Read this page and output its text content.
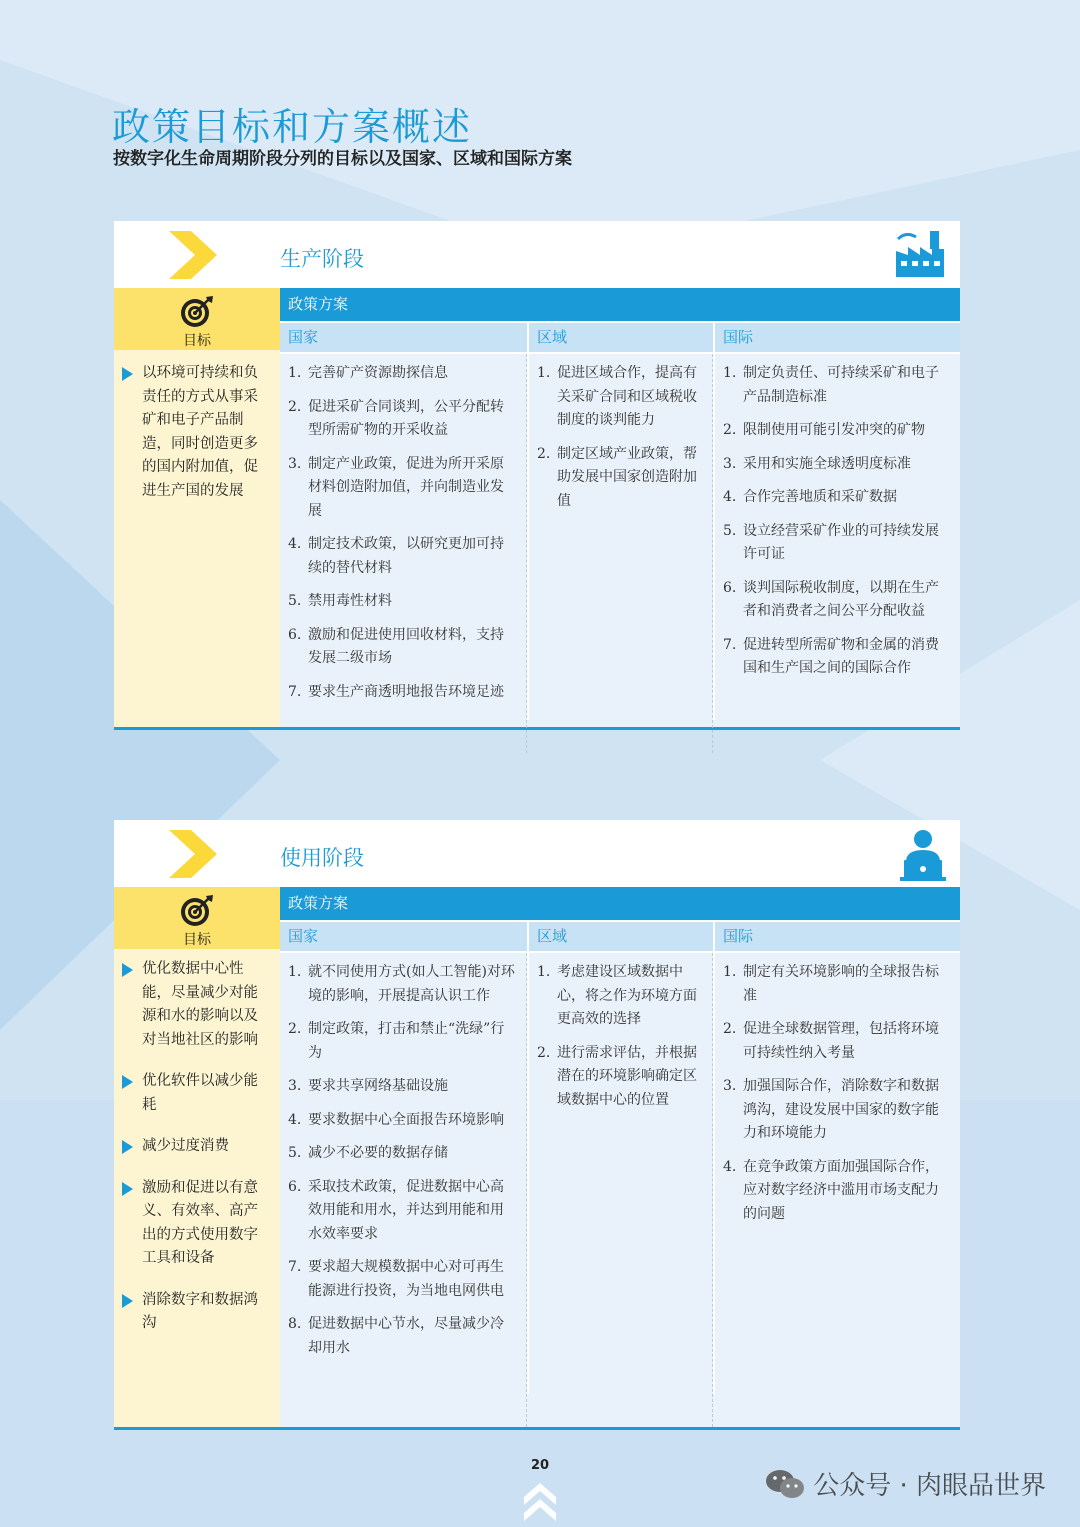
政策目标和方案概述

按数字化生命周期阶段分列的目标以及国家、区域和国际方案

生产阶段
目标
以环境可持续和负责任的方式从事采矿和电子产品制造，同时创造更多的国内附加值，促进生产国的发展
政策方案
国家
1. 完善矿产资源勘探信息
2. 促进采矿合同谈判，公平分配转型所需矿物的开采收益
3. 制定产业政策，促进为所开采原材料创造附加值，并向制造业发展
4. 制定技术政策，以研究更加可持续的替代材料
5. 禁用毒性材料
6. 激励和促进使用回收材料，支持发展二级市场
7. 要求生产商透明地报告环境足迹
区域
1. 促进区域合作，提高有关采矿合同和区域税收制度的谈判能力
2. 制定区域产业政策，帮助发展中国家创造附加值
国际
1. 制定负责任、可持续采矿和电子产品制造标准
2. 限制使用可能引发冲突的矿物
3. 采用和实施全球透明度标准
4. 合作完善地质和采矿数据
5. 设立经营采矿作业的可持续发展许可证
6. 谈判国际税收制度，以期在生产者和消费者之间公平分配收益
7. 促进转型所需矿物和金属的消费国和生产国之间的国际合作
使用阶段
目标
优化数据中心性能，尽量减少对能源和水的影响以及对当地社区的影响
优化软件以减少能耗
减少过度消费
激励和促进以有意义、有效率、高产出的方式使用数字工具和设备
消除数字和数据鸿沟
政策方案
国家
1. 就不同使用方式(如人工智能)对环境的影响，开展提高认识工作
2. 制定政策，打击和禁止“洗绿”行为
3. 要求共享网络基础设施
4. 要求数据中心全面报告环境影响
5. 减少不必要的数据存储
6. 采取技术政策，促进数据中心高效用能和用水，并达到用能和用水效率要求
7. 要求超大规模数据中心对可再生能源进行投资，为当地电网供电
8. 促进数据中心节水，尽量减少冷却用水
区域
1. 考虑建设区域数据中心，将之作为环境方面更高效的选择
2. 进行需求评估，并根据潜在的环境影响确定区域数据中心的位置
国际
1. 制定有关环境影响的全球报告标准
2. 促进全球数据管理，包括将环境可持续性纳入考量
3. 加强国际合作，消除数字和数据鸿沟，建设发展中国家的数字能力和环境能力
4. 在竞争政策方面加强国际合作，应对数字经济中滥用市场支配力的问题
20
公众号 · 肉眼品世界
